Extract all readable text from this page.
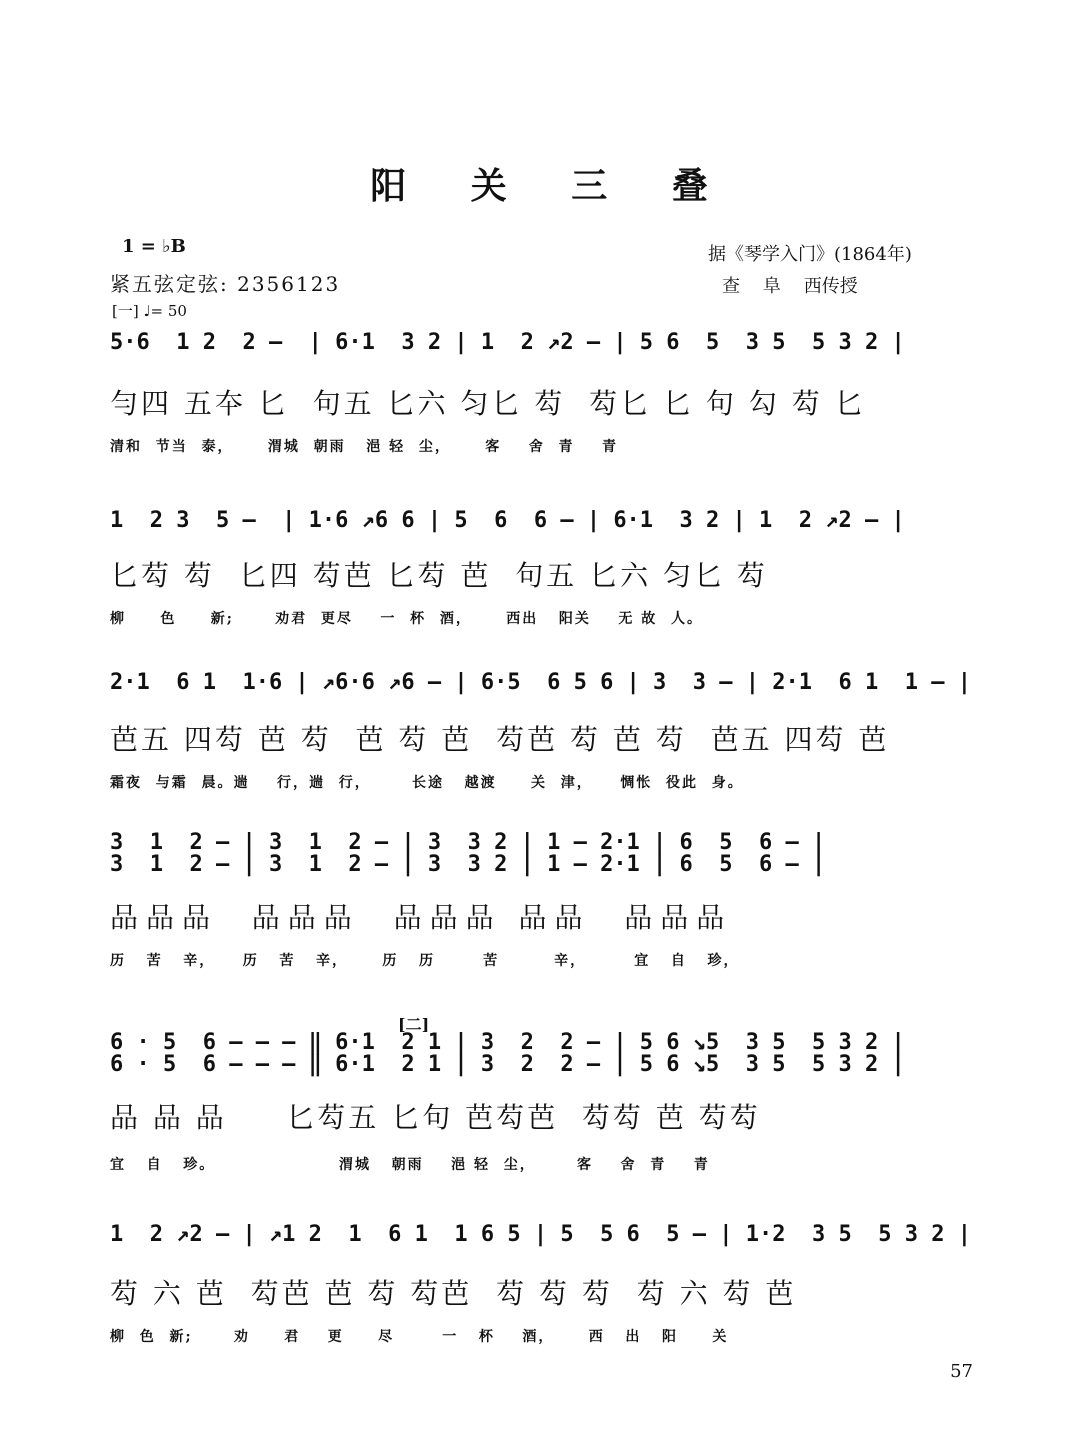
阳 关 三 叠
1 = ♭B
紧五弦定弦: 2356123
[一] ♩= 50
据《琴学入门》(1864年)
查    阜    西传授
5·6  1 2  2 —  | 6·1  3 2 | 1  2 ↗2 — | 5 6  5  3 5  5 3 2 |
勻四 五夲 匕  句五 匕六 匀匕 芶  芶匕 匕 句 勾 芶 匕
清和  节当  泰，     渭城  朝雨   浥 轻  尘，     客    舍  青    青
1  2 3  5 —  | 1·6 ↗6 6 | 5  6  6 — | 6·1  3 2 | 1  2 ↗2 — |
匕芶 芶  匕四 芶芭 匕芶 芭  句五 匕六 匀匕 芶
柳     色     新;      劝君  更尽    一  杯  酒，     西出   阳关    无 故  人。
2·1  6 1  1·6 | ↗6·6 ↗6 — | 6·5  6 5 6 | 3  3 — | 2·1  6 1  1 — |
芭五 四芶 芭 芶  芭 芶 芭  芶芭 芶 芭 芶  芭五 四芶 芭
霜夜  与霜  晨。遄    行，遄  行，      长途   越渡     关  津，    惆怅  役此  身。
3  1  2 — | 3  1  2 — | 3  3 2 | 1 — 2·1 | 6  5  6 — |
3  1  2 — | 3  1  2 — | 3  3 2 | 1 — 2·1 | 6  5  6 — |
品品品  品品品  品品品 品品  品品品
历   苦   辛，    历   苦   辛，     历   历       苦        辛，       宜   自   珍，
[二]
6 · 5  6 — — — ‖ 6·1  2 1 | 3  2  2 — | 5 6 ↘5  3 5  5 3 2 |
6 · 5  6 — — — ‖ 6·1  2 1 | 3  2  2 — | 5 6 ↘5  3 5  5 3 2 |
品 品 品     匕芶五 匕句 芭芶芭  芶芶 芭 芶芶
宜   自   珍。                  渭城   朝雨    浥 轻  尘，      客    舍  青    青
1  2 ↗2 — | ↗1 2  1  6 1  1 6 5 | 5  5 6  5 — | 1·2  3 5  5 3 2 |
芶 六 芭  芶芭 芭 芶 芶芭  芶 芶 芶  芶 六 芶 芭
柳  色  新;      劝     君    更     尽       一   杯    酒，     西   出   阳     关
57
